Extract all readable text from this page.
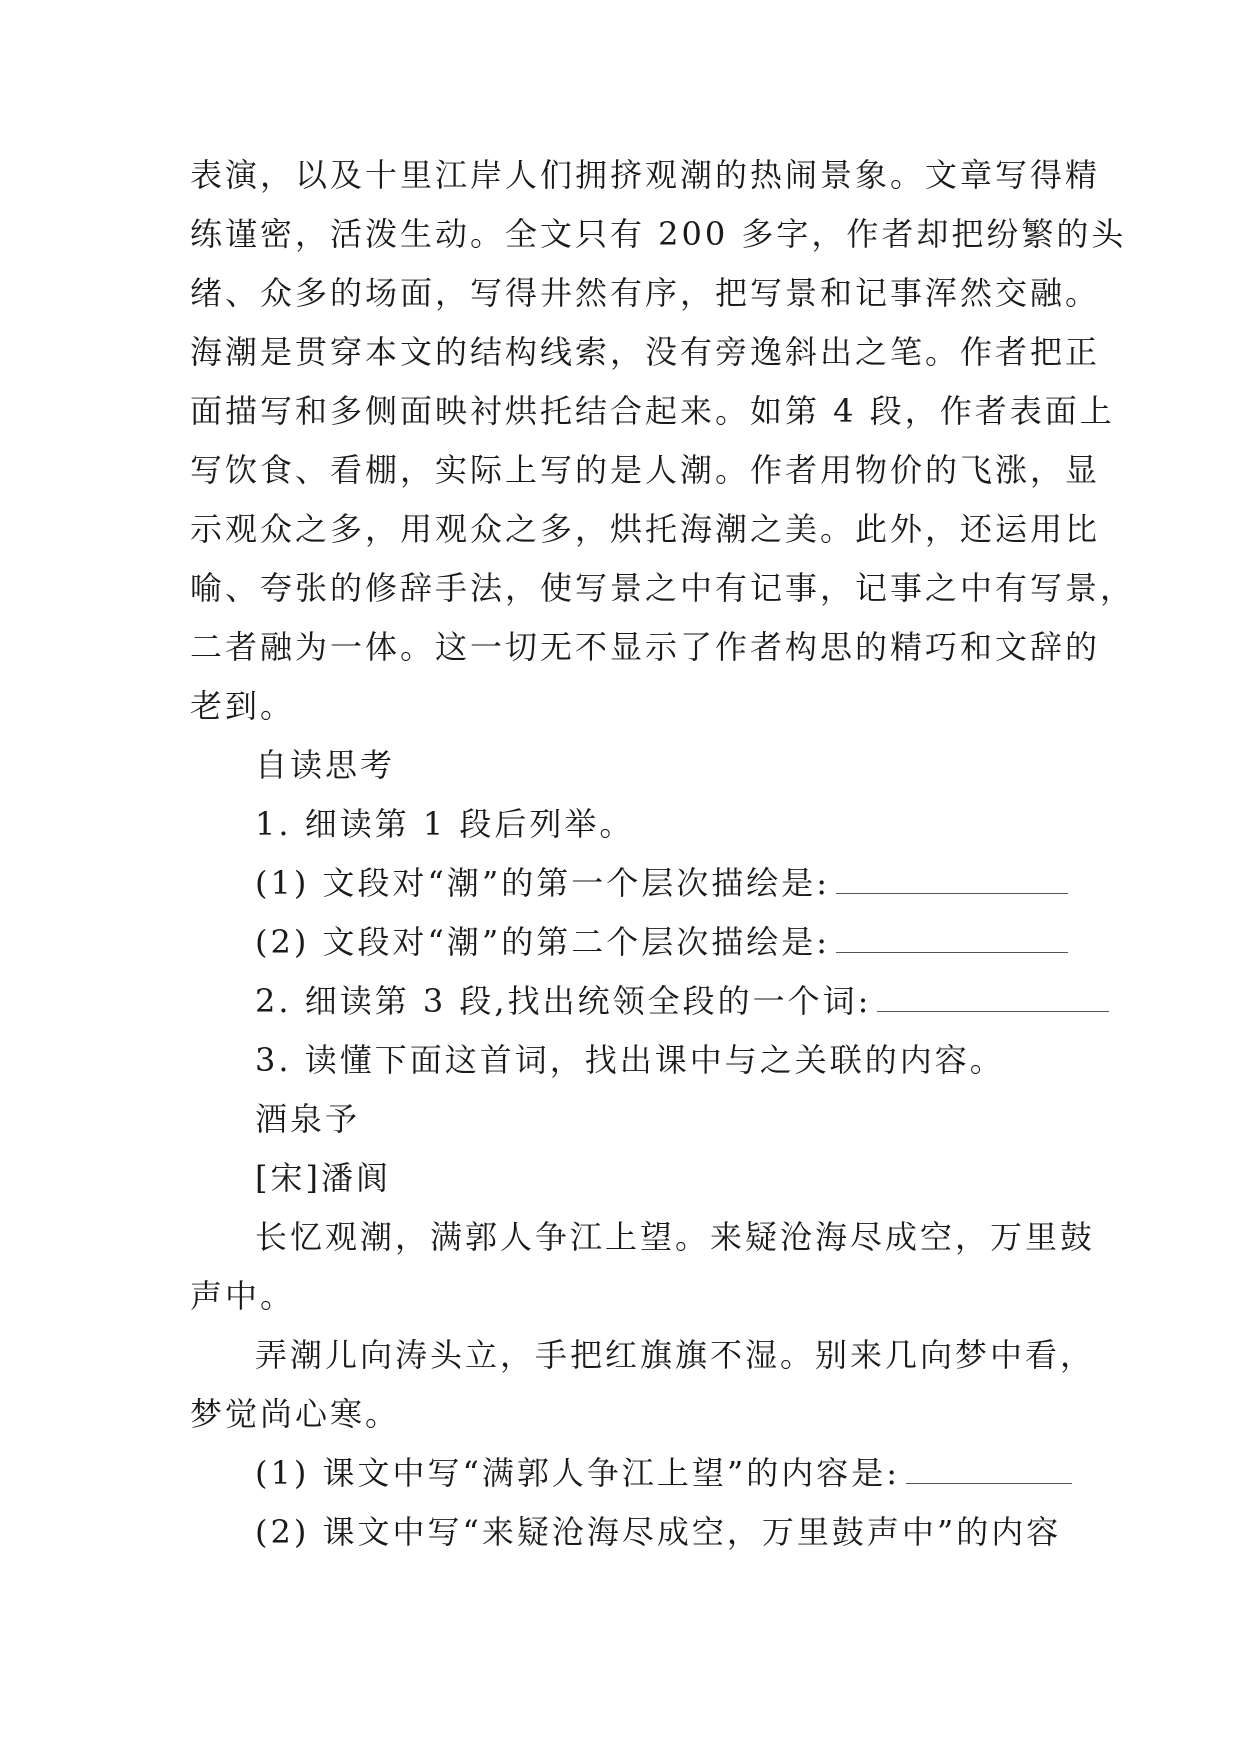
表演，以及十里江岸人们拥挤观潮的热闹景象。文章写得精
练谨密，活泼生动。全文只有 200 多字，作者却把纷繁的头
绪、众多的场面，写得井然有序，把写景和记事浑然交融。
海潮是贯穿本文的结构线索，没有旁逸斜出之笔。作者把正
面描写和多侧面映衬烘托结合起来。如第 4 段，作者表面上
写饮食、看棚，实际上写的是人潮。作者用物价的飞涨，显
示观众之多，用观众之多，烘托海潮之美。此外，还运用比
喻、夸张的修辞手法，使写景之中有记事，记事之中有写景，
二者融为一体。这一切无不显示了作者构思的精巧和文辞的
老到。
自读思考
1. 细读第 1 段后列举。
(1) 文段对“潮”的第一个层次描绘是:
(2) 文段对“潮”的第二个层次描绘是:
2. 细读第 3 段,找出统领全段的一个词:
3. 读懂下面这首词，找出课中与之关联的内容。
酒泉予
[宋]潘阆
长忆观潮，满郭人争江上望。来疑沧海尽成空，万里鼓
声中。
弄潮儿向涛头立，手把红旗旗不湿。别来几向梦中看，
梦觉尚心寒。
(1) 课文中写“满郭人争江上望”的内容是:
(2) 课文中写“来疑沧海尽成空，万里鼓声中”的内容
